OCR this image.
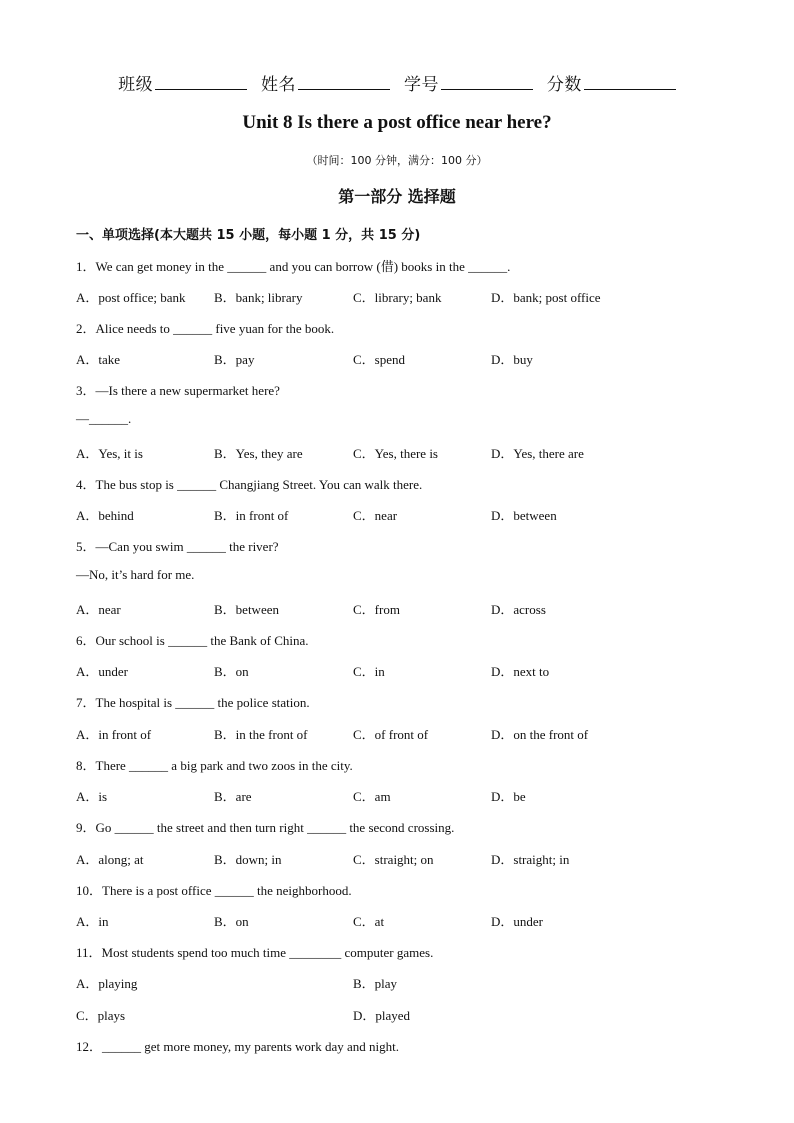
班级	姓名	学号	分数
Unit 8 Is there a post office near here?
（时间：100 分钟，满分：100 分）
第一部分 选择题
一、单项选择(本大题共 15 小题，每小题 1 分，共 15 分)
1．We can get money in the ______ and you can borrow (借) books in the ______.
A．post office; bank B．bank; library	C．library; bank	D．bank; post office
2．Alice needs to ______ five yuan for the book.
A．take	B．pay	C．spend	D．buy
3．—Is there a new supermarket here?
—______.
A．Yes, it is	B．Yes, they are	C．Yes, there is	D．Yes, there are
4．The bus stop is ______ Changjiang Street. You can walk there.
A．behind	B．in front of	C．near	D．between
5．—Can you swim ______ the river?
—No, it’s hard for me.
A．near	B．between	C．from	D．across
6．Our school is ______ the Bank of China.
A．under	B．on	C．in	D．next to
7．The hospital is ______ the police station.
A．in front of	B．in the front of	C．of front of	D．on the front of
8．There ______ a big park and two zoos in the city.
A．is	B．are	C．am	D．be
9．Go ______ the street and then turn right ______ the second crossing.
A．along; at	B．down; in	C．straight; on	D．straight; in
10．There is a post office ______ the neighborhood.
A．in	B．on	C．at	D．under
11．Most students spend too much time ________ computer games.
A．playing	B．play
C．plays	D．played
12．______ get more money, my parents work day and night.
